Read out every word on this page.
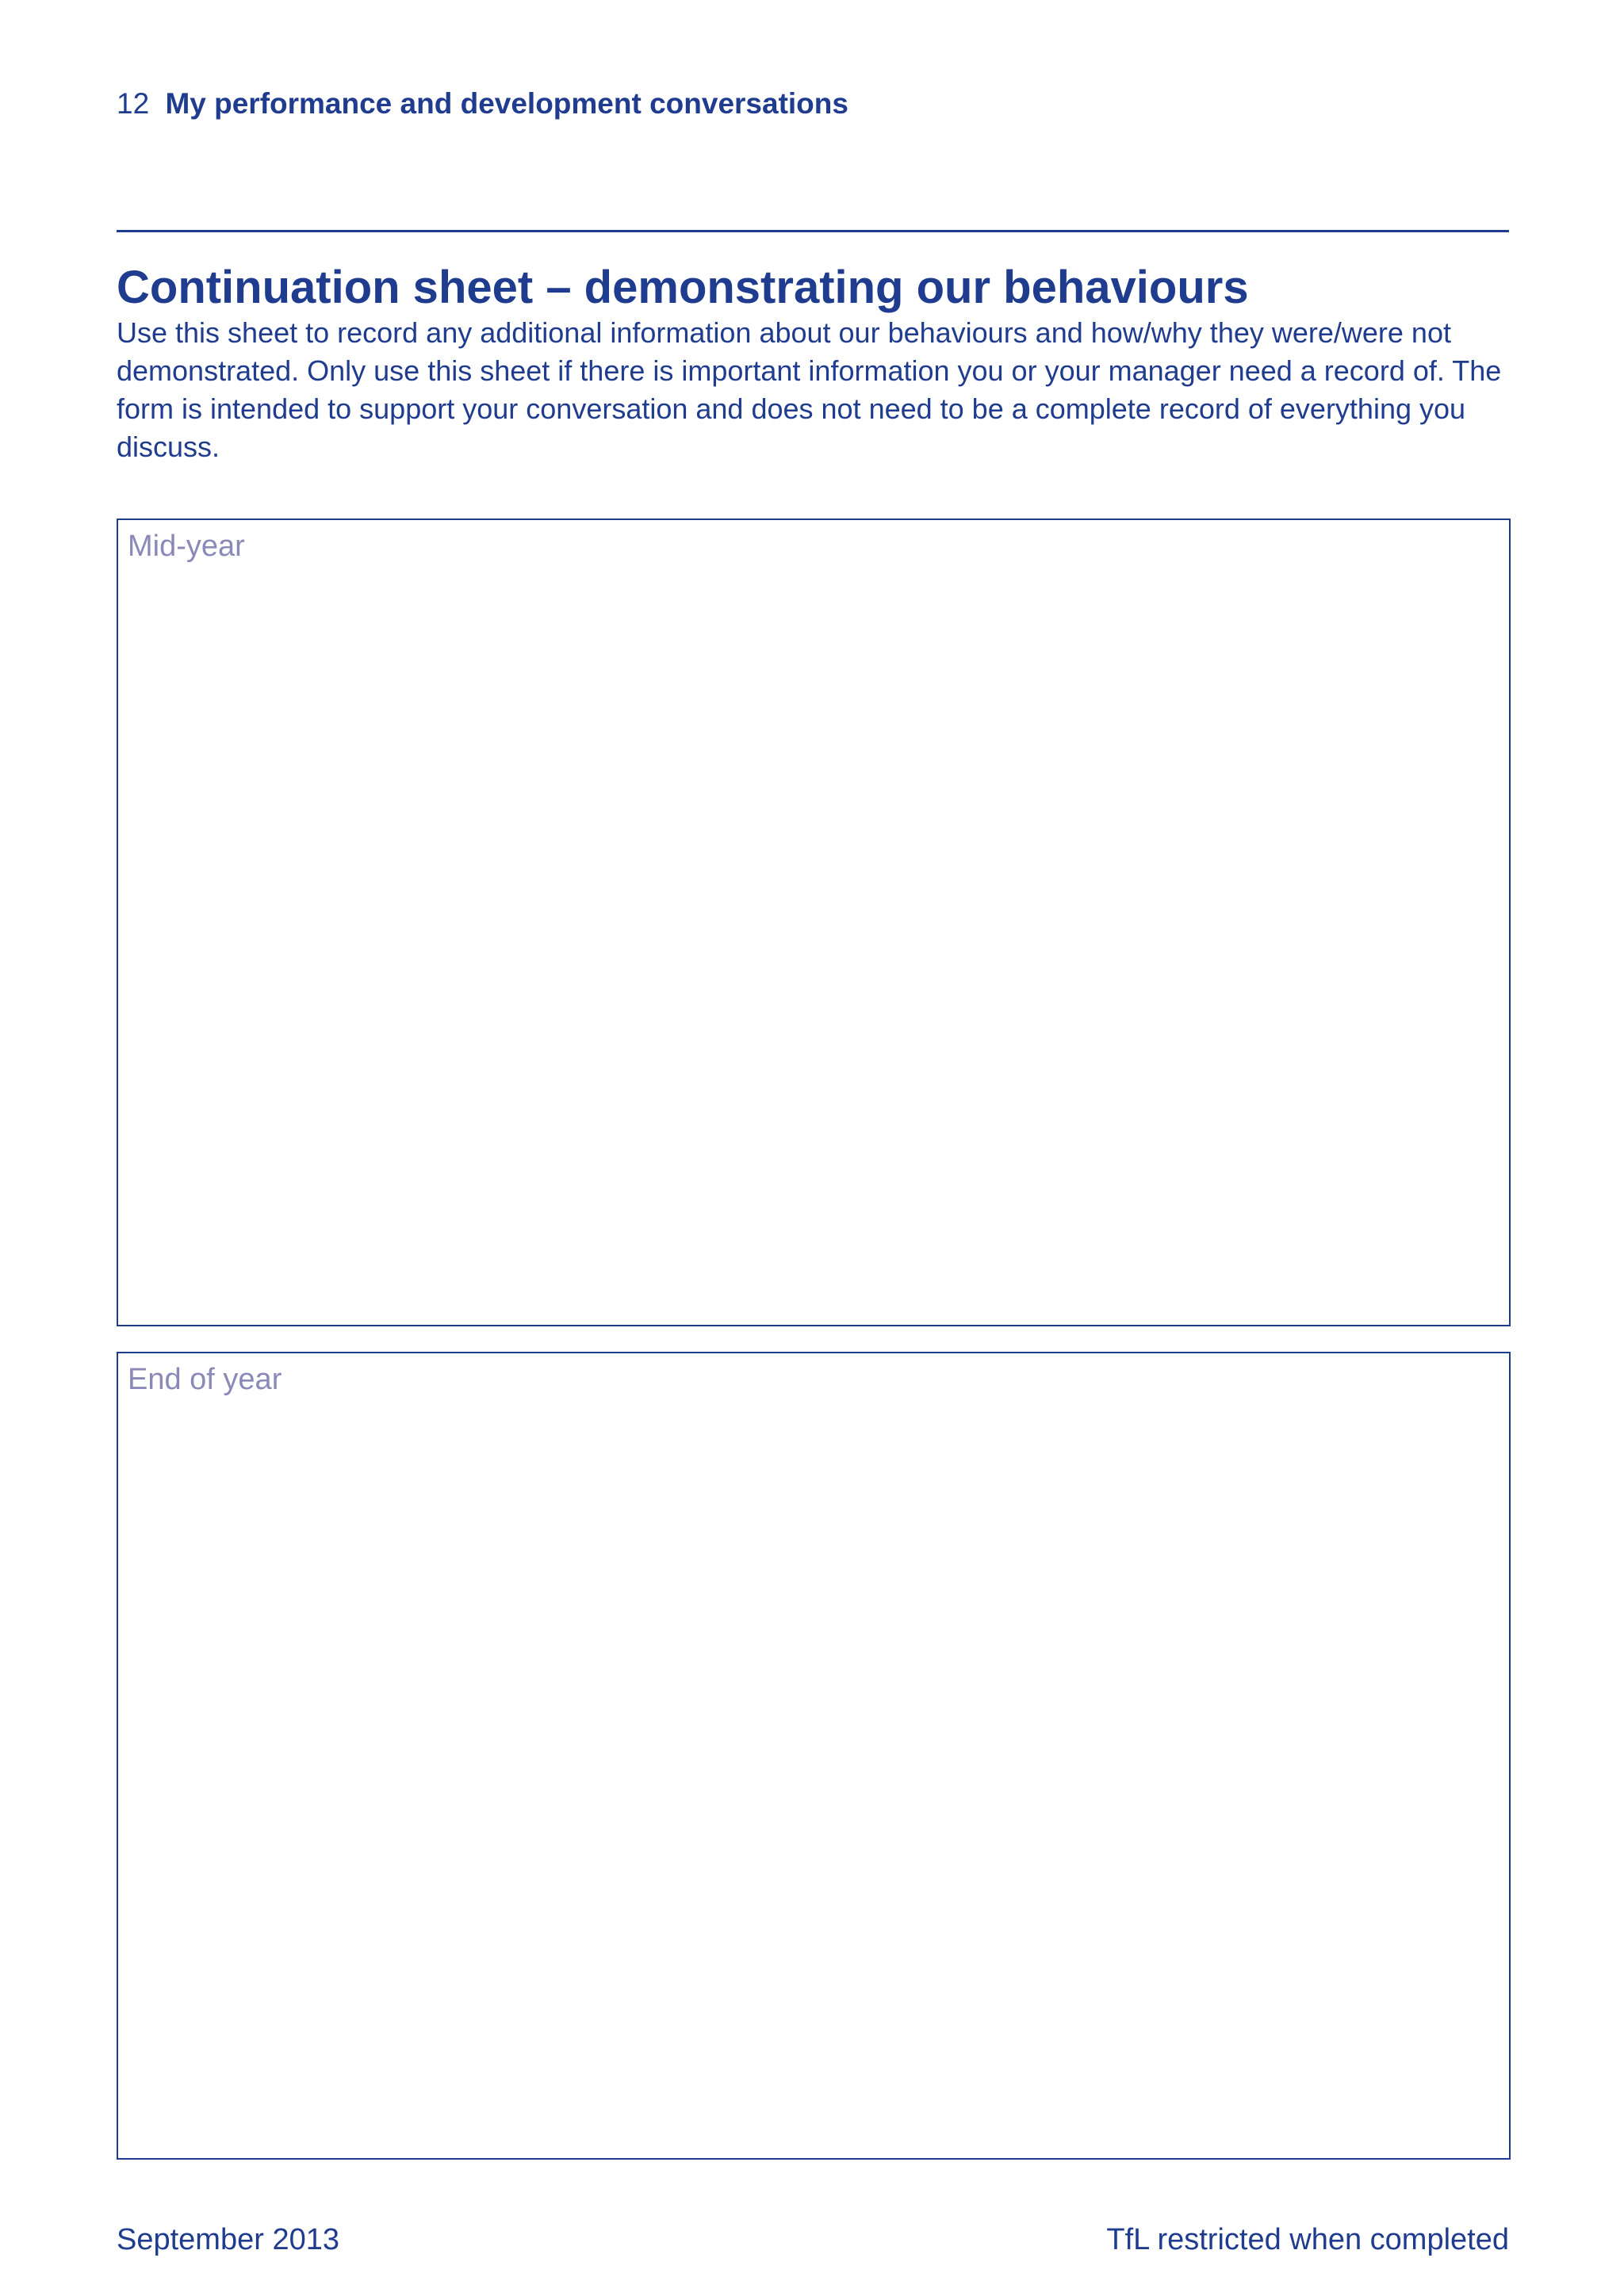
12 My performance and development conversations
Continuation sheet – demonstrating our behaviours

Use this sheet to record any additional information about our behaviours and how/why they were/were not demonstrated. Only use this sheet if there is important information you or your manager need a record of. The form is intended to support your conversation and does not need to be a complete record of everything you discuss.

Mid-year
End of year
September 2013	TfL restricted when completed
